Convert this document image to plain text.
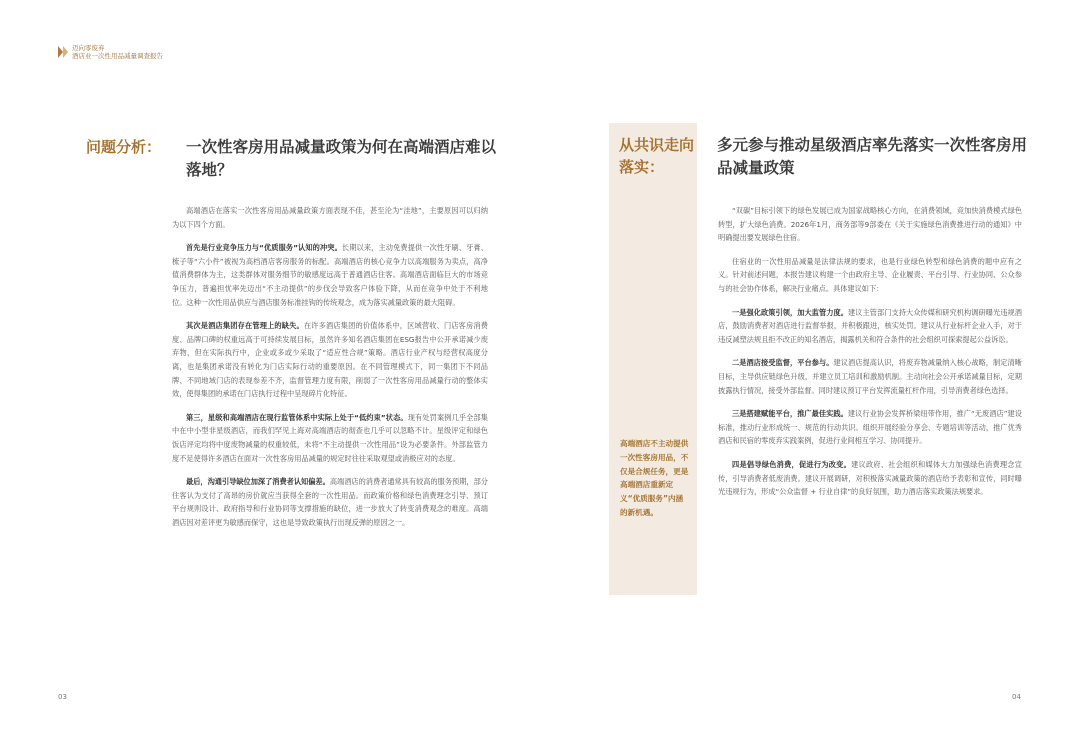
迈向零废弃
酒店业一次性用品减量调查报告
问题分析：	一次性客房用品减量政策为何在高端酒店难以落地？

高端酒店在落实一次性客房用品减量政策方面表现不佳，甚至沦为“洼地”，主要原因可以归纳为以下四个方面。

首先是行业竞争压力与“优质服务”认知的冲突。长期以来，主动免费提供一次性牙刷、牙膏、梳子等“六小件”被视为高档酒店客房服务的标配。高端酒店的核心竞争力以高端服务为卖点，高净值消费群体为主，这类群体对服务细节的敏感度远高于普通酒店住客。高端酒店面临巨大的市场竞争压力，普遍担忧率先迈出“不主动提供”的步伐会导致客户体验下降，从而在竞争中处于不利地位。这种一次性用品供应与酒店服务标准挂钩的传统观念，成为落实减量政策的最大阻碍。

其次是酒店集团存在管理上的缺失。在许多酒店集团的价值体系中，区域营收、门店客房消费度、品牌口碑的权重远高于可持续发展目标，虽然许多知名酒店集团在ESG报告中公开承诺减少废弃物，但在实际执行中，企业或多或少采取了“适应性合规”策略。酒店行业产权与经营权高度分离，也是集团承诺没有转化为门店实际行动的重要原因。在不同管理模式下，同一集团下不同品牌、不同地域门店的表现参差不齐，监督管理力度有限，削弱了一次性客房用品减量行动的整体实效，使得集团的承诺在门店执行过程中呈现碎片化特征。

第三，星级和高端酒店在现行监管体系中实际上处于“低约束”状态。现有处罚案例几乎全部集中在中小型非星级酒店，而我们罕见上海对高端酒店的彻查也几乎可以忽略不计。星级评定和绿色饭店评定均将中度废物减量的权重较低，未将“不主动提供一次性用品”设为必要条件。外部监管力度不足使得许多酒店在面对一次性客房用品减量的规定时往往采取观望或消极应对的态度。

最后，沟通引导缺位加深了消费者认知偏差。高端酒店的消费者通常具有较高的服务预期，部分住客认为支付了高昂的房价就应当获得全套的一次性用品。而政策价格和绿色消费理念引导、预订平台规则设计、政府指导和行业协同等支撑措施的缺位，进一步放大了转变消费观念的难度。高端酒店因对差评更为敏感而保守，这也是导致政策执行出现反弹的原因之一。

从共识走向落实：
多元参与推动星级酒店率先落实一次性客房用品减量政策
高端酒店不主动提供一次性客房用品，不仅是合规任务，更是高端酒店重新定义“优质服务”内涵的新机遇。

“双碳”目标引领下的绿色发展已成为国家战略核心方向，在消费领域，竞加快消费模式绿色转型，扩大绿色消费。2026年1月，商务部等9部委在《关于实施绿色消费推进行动的通知》中明确提出要发展绿色住宿。

住宿业的一次性用品减量是法律法规的要求，也是行业绿色转型和绿色消费的题中应有之义。针对前述问题，本报告建议构建一个由政府主导、企业履责、平台引导、行业协同、公众参与的社会协作体系，解决行业痛点。具体建议如下：

一是强化政策引领，加大监管力度。建议主管部门支持大众传媒和研究机构调研曝光违规酒店，鼓励消费者对酒店进行监督举报，并积极跟进，核实处罚。建议从行业标杆企业入手，对于违反减塑法规且拒不改正的知名酒店，揭露机关和符合条件的社会组织可探索提起公益诉讼。

二是酒店接受监督，平台参与。建议酒店提高认识，将废弃物减量纳入核心战略，制定清晰目标，主导供应链绿色升级，并建立员工培训和激励机制。主动向社会公开承诺减量目标，定期披露执行情况，接受外部监督。同时建议预订平台发挥流量杠杆作用，引导消费者绿色选择。

三是搭建赋能平台，推广最佳实践。建议行业协会发挥桥梁纽带作用，推广“无废酒店”建设标准，推动行业形成统一、规范的行动共识。组织开展经验分享会、专题培训等活动，推广优秀酒店和民宿的零废弃实践案例，促进行业间相互学习、协同提升。

四是倡导绿色消费，促进行为改变。建议政府、社会组织和媒体大力加强绿色消费理念宣传，引导消费者低废消费。建议开展调研，对积极落实减量政策的酒店给予表彰和宣传，同时曝光违规行为，形成“公众监督 + 行业自律”的良好氛围，助力酒店落实政策法规要求。

03	04
